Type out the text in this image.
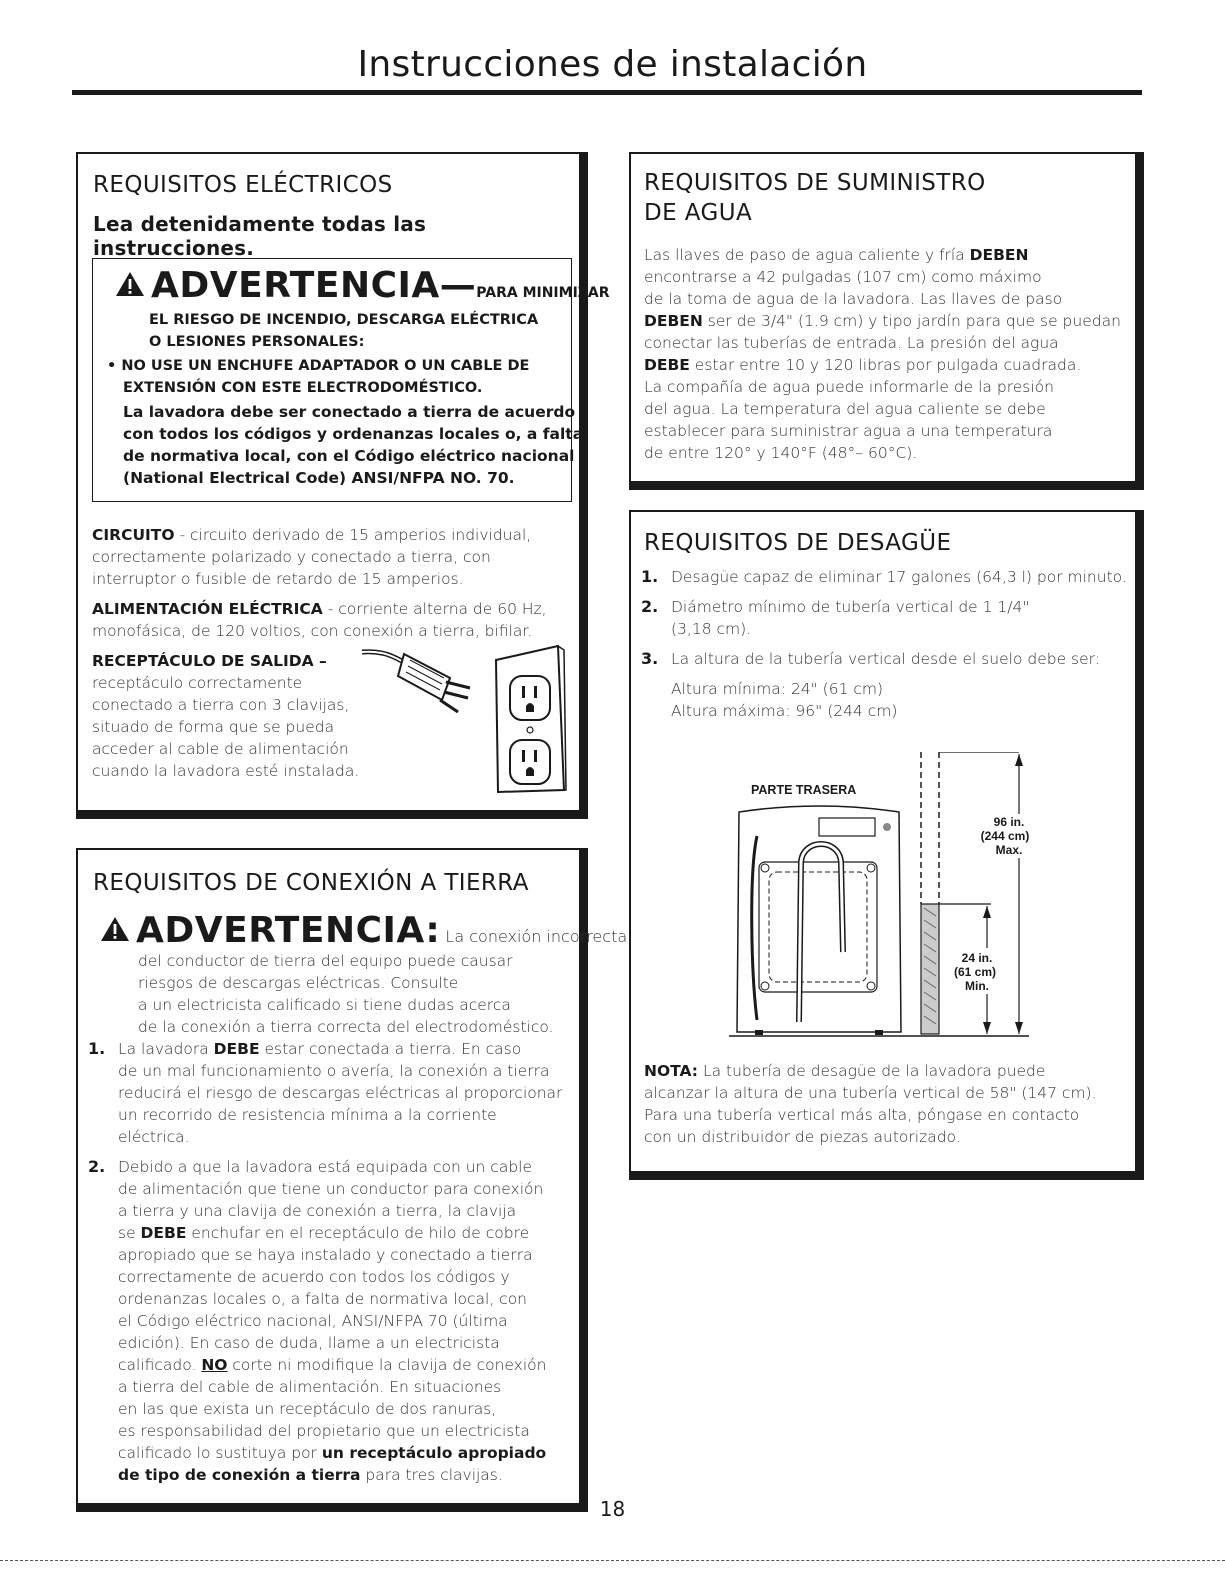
Instrucciones de instalación
REQUISITOS ELÉCTRICOS
Lea detenidamente todas las instrucciones.
ADVERTENCIA—PARA MINIMIZAR
EL RIESGO DE INCENDIO, DESCARGA ELÉCTRICA
O LESIONES PERSONALES:
• NO USE UN ENCHUFE ADAPTADOR O UN CABLE DE
EXTENSIÓN CON ESTE ELECTRODOMÉSTICO.
La lavadora debe ser conectado a tierra de acuerdo
con todos los códigos y ordenanzas locales o, a falta
de normativa local, con el Código eléctrico nacional
(National Electrical Code) ANSI/NFPA NO. 70.

CIRCUITO - circuito derivado de 15 amperios individual,

correctamente polarizado y conectado a tierra, con

interruptor o fusible de retardo de 15 amperios.

ALIMENTACIÓN ELÉCTRICA - corriente alterna de 60 Hz,

monofásica, de 120 voltios, con conexión a tierra, bifilar.

RECEPTÁCULO DE SALIDA –

receptáculo correctamente

conectado a tierra con 3 clavijas,

situado de forma que se pueda

acceder al cable de alimentación

cuando la lavadora esté instalada.

REQUISITOS DE CONEXIÓN A TIERRA
ADVERTENCIA: La conexión incorrecta

del conductor de tierra del equipo puede causar

riesgos de descargas eléctricas. Consulte

a un electricista calificado si tiene dudas acerca

de la conexión a tierra correcta del electrodoméstico.

1. La lavadora DEBE estar conectada a tierra. En caso

de un mal funcionamiento o avería, la conexión a tierra

reducirá el riesgo de descargas eléctricas al proporcionar

un recorrido de resistencia mínima a la corriente

eléctrica.

2. Debido a que la lavadora está equipada con un cable

de alimentación que tiene un conductor para conexión

a tierra y una clavija de conexión a tierra, la clavija

se DEBE enchufar en el receptáculo de hilo de cobre

apropiado que se haya instalado y conectado a tierra

correctamente de acuerdo con todos los códigos y

ordenanzas locales o, a falta de normativa local, con

el Código eléctrico nacional, ANSI/NFPA 70 (última

edición). En caso de duda, llame a un electricista

calificado. NO corte ni modifique la clavija de conexión

a tierra del cable de alimentación. En situaciones

en las que exista un receptáculo de dos ranuras,

es responsabilidad del propietario que un electricista

calificado lo sustituya por un receptáculo apropiado

de tipo de conexión a tierra para tres clavijas.

REQUISITOS DE SUMINISTRO
DE AGUA

Las llaves de paso de agua caliente y fría DEBEN

encontrarse a 42 pulgadas (107 cm) como máximo

de la toma de agua de la lavadora. Las llaves de paso

DEBEN ser de 3/4" (1.9 cm) y tipo jardín para que se puedan

conectar las tuberías de entrada. La presión del agua

DEBE estar entre 10 y 120 libras por pulgada cuadrada.

La compañía de agua puede informarle de la presión

del agua. La temperatura del agua caliente se debe

establecer para suministrar agua a una temperatura

de entre 120° y 140°F (48°– 60°C).

REQUISITOS DE DESAGÜE
1. Desagüe capaz de eliminar 17 galones (64,3 l) por minuto.

2. Diámetro mínimo de tubería vertical de 1 1/4"

(3,18 cm).

3. La altura de la tubería vertical desde el suelo debe ser:

Altura mínima: 24" (61 cm)

Altura máxima: 96" (244 cm)

PARTE TRASERA
96 in.
(244 cm)
Max.
24 in.
(61 cm)
Min.

NOTA: La tubería de desagüe de la lavadora puede

alcanzar la altura de una tubería vertical de 58" (147 cm).

Para una tubería vertical más alta, póngase en contacto

con un distribuidor de piezas autorizado.

18
